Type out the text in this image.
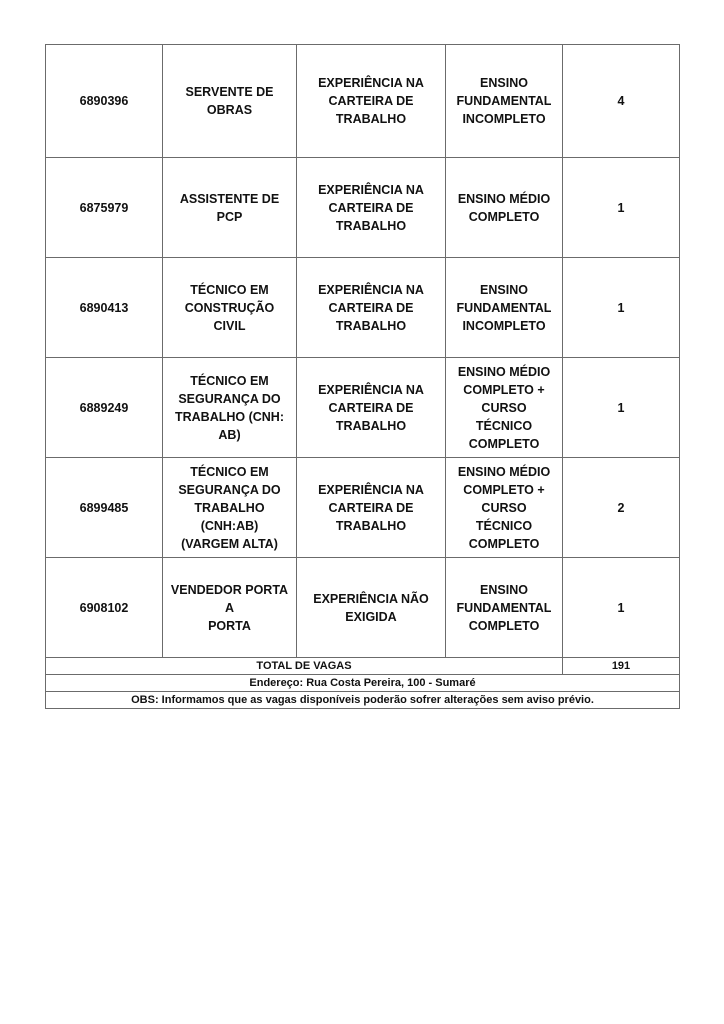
6890396	SERVENTE DE OBRAS	EXPERIÊNCIA NA
CARTEIRA DE
TRABALHO	ENSINO
FUNDAMENTAL
INCOMPLETO	4
6875979	ASSISTENTE DE PCP	EXPERIÊNCIA NA
CARTEIRA DE
TRABALHO	ENSINO MÉDIO
COMPLETO	1
6890413	TÉCNICO EM
CONSTRUÇÃO CIVIL	EXPERIÊNCIA NA
CARTEIRA DE
TRABALHO	ENSINO
FUNDAMENTAL
INCOMPLETO	1
6889249	TÉCNICO EM
SEGURANÇA DO
TRABALHO (CNH: AB)	EXPERIÊNCIA NA
CARTEIRA DE
TRABALHO	ENSINO MÉDIO
COMPLETO +
CURSO TÉCNICO
COMPLETO	1
6899485	TÉCNICO EM
SEGURANÇA DO
TRABALHO (CNH:AB)
(VARGEM ALTA)	EXPERIÊNCIA NA
CARTEIRA DE
TRABALHO	ENSINO MÉDIO
COMPLETO +
CURSO TÉCNICO
COMPLETO	2
6908102	VENDEDOR PORTA A
PORTA	EXPERIÊNCIA NÃO
EXIGIDA	ENSINO
FUNDAMENTAL
COMPLETO	1
TOTAL DE VAGAS				191
Endereço: Rua Costa Pereira, 100 - Sumaré				
OBS: Informamos que as vagas disponíveis poderão sofrer alterações sem aviso prévio.				
